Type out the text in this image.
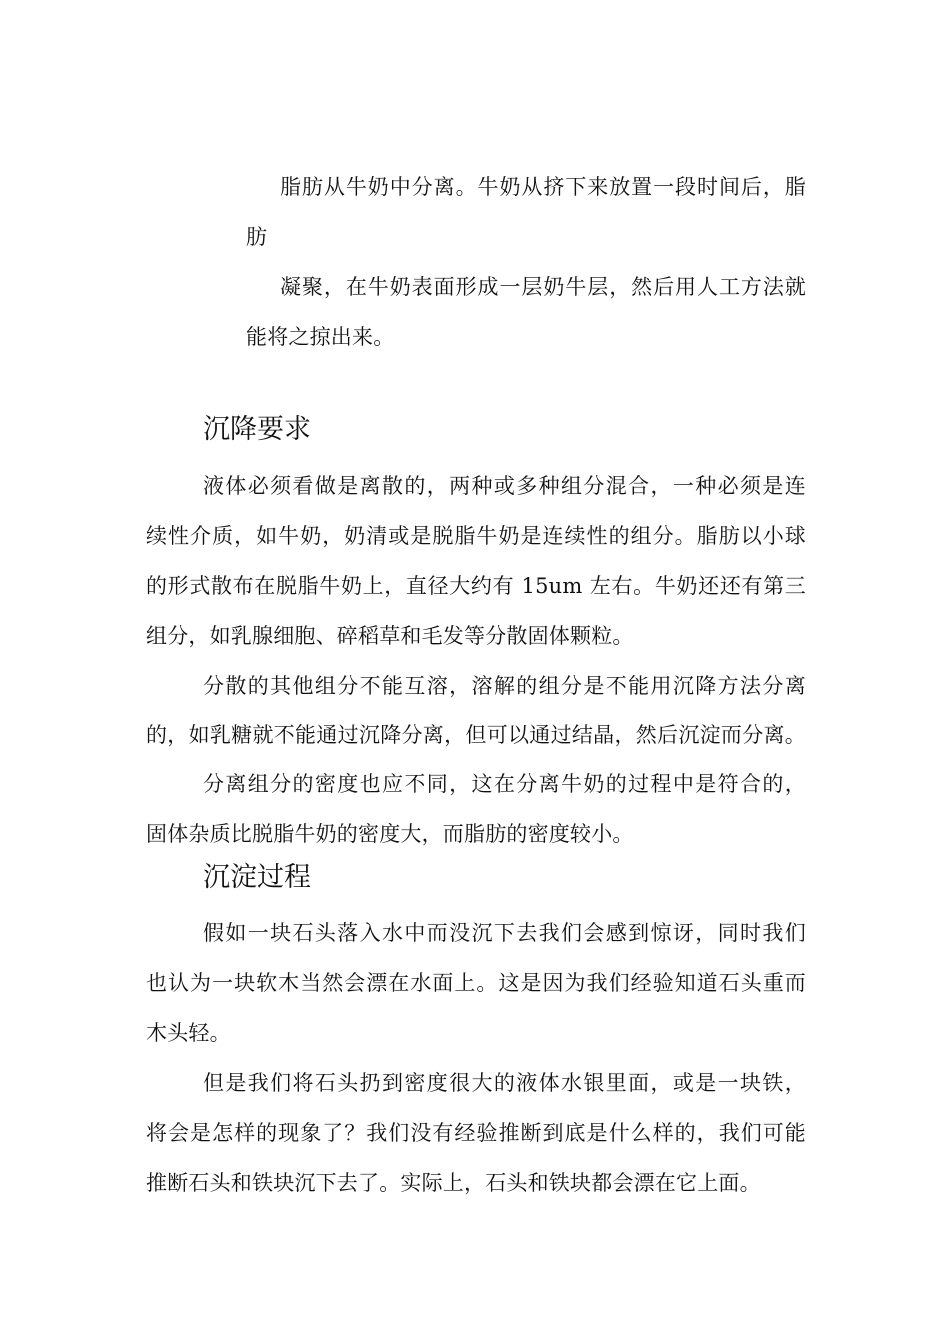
脂肪从牛奶中分离。牛奶从挤下来放置一段时间后，脂
肪
凝聚，在牛奶表面形成一层奶牛层，然后用人工方法就
能将之掠出来。
沉降要求
液体必须看做是离散的，两种或多种组分混合，一种必须是连
续性介质，如牛奶，奶清或是脱脂牛奶是连续性的组分。脂肪以小球
的形式散布在脱脂牛奶上，直径大约有 15um 左右。牛奶还还有第三
组分，如乳腺细胞、碎稻草和毛发等分散固体颗粒。
分散的其他组分不能互溶，溶解的组分是不能用沉降方法分离
的，如乳糖就不能通过沉降分离，但可以通过结晶，然后沉淀而分离。
分离组分的密度也应不同，这在分离牛奶的过程中是符合的，
固体杂质比脱脂牛奶的密度大，而脂肪的密度较小。
沉淀过程
假如一块石头落入水中而没沉下去我们会感到惊讶，同时我们
也认为一块软木当然会漂在水面上。这是因为我们经验知道石头重而
木头轻。
但是我们将石头扔到密度很大的液体水银里面，或是一块铁，
将会是怎样的现象了？我们没有经验推断到底是什么样的，我们可能
推断石头和铁块沉下去了。实际上，石头和铁块都会漂在它上面。
